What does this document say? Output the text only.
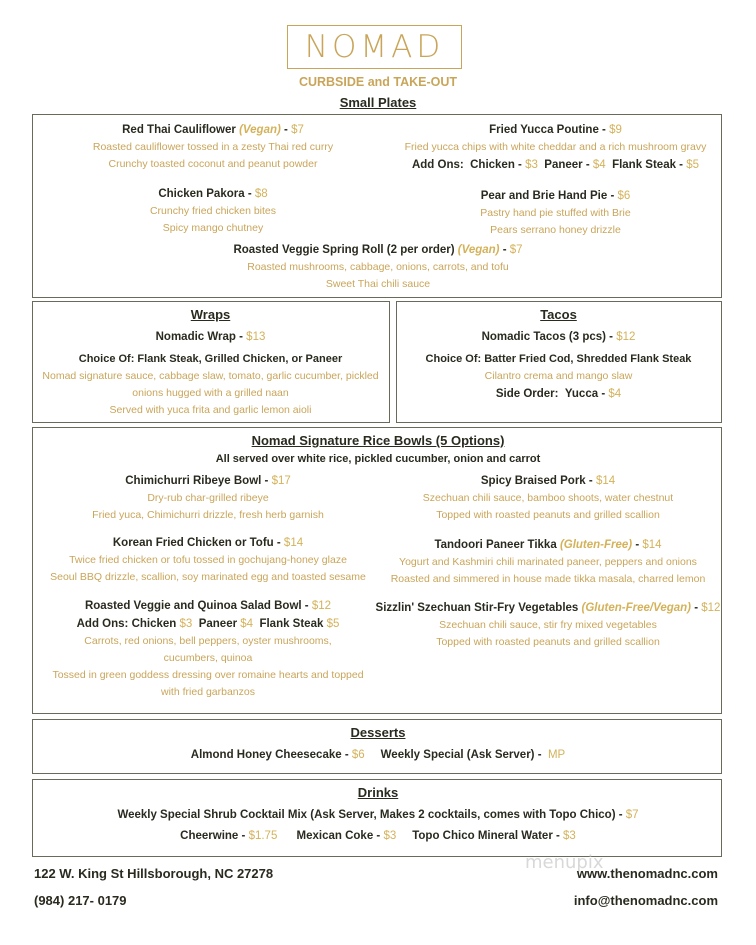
NOMAD
CURBSIDE and TAKE-OUT
Small Plates
Red Thai Cauliflower (Vegan) - $7
Roasted cauliflower tossed in a zesty Thai red curry
Crunchy toasted coconut and peanut powder
Fried Yucca Poutine - $9
Fried yucca chips with white cheddar and a rich mushroom gravy
Add Ons: Chicken - $3 Paneer - $4 Flank Steak - $5
Chicken Pakora - $8
Crunchy fried chicken bites
Spicy mango chutney
Pear and Brie Hand Pie - $6
Pastry hand pie stuffed with Brie
Pears serrano honey drizzle
Roasted Veggie Spring Roll (2 per order) (Vegan) - $7
Roasted mushrooms, cabbage, onions, carrots, and tofu
Sweet Thai chili sauce
Wraps
Nomadic Wrap - $13
Choice Of: Flank Steak, Grilled Chicken, or Paneer
Nomad signature sauce, cabbage slaw, tomato, garlic cucumber, pickled
onions hugged with a grilled naan
Served with yuca frita and garlic lemon aioli
Tacos
Nomadic Tacos (3 pcs) - $12
Choice Of: Batter Fried Cod, Shredded Flank Steak
Cilantro crema and mango slaw
Side Order: Yucca - $4
Nomad Signature Rice Bowls (5 Options)
All served over white rice, pickled cucumber, onion and carrot
Chimichurri Ribeye Bowl - $17
Dry-rub char-grilled ribeye
Fried yuca, Chimichurri drizzle, fresh herb garnish
Spicy Braised Pork - $14
Szechuan chili sauce, bamboo shoots, water chestnut
Topped with roasted peanuts and grilled scallion
Korean Fried Chicken or Tofu - $14
Twice fried chicken or tofu tossed in gochujang-honey glaze
Seoul BBQ drizzle, scallion, soy marinated egg and toasted sesame
Tandoori Paneer Tikka (Gluten-Free) - $14
Yogurt and Kashmiri chili marinated paneer, peppers and onions
Roasted and simmered in house made tikka masala, charred lemon
Roasted Veggie and Quinoa Salad Bowl - $12
Add Ons: Chicken $3 Paneer $4 Flank Steak $5
Carrots, red onions, bell peppers, oyster mushrooms,
cucumbers, quinoa
Tossed in green goddess dressing over romaine hearts and topped
with fried garbanzos
Sizzlin' Szechuan Stir-Fry Vegetables (Gluten-Free/Vegan) - $12
Szechuan chili sauce, stir fry mixed vegetables
Topped with roasted peanuts and grilled scallion
Desserts
Almond Honey Cheesecake - $6 Weekly Special (Ask Server) -  MP
Drinks
Weekly Special Shrub Cocktail Mix (Ask Server, Makes 2 cocktails, comes with Topo Chico) - $7
Cheerwine - $1.75 Mexican Coke - $3 Topo Chico Mineral Water - $3
menupix
122 W. King St Hillsborough, NC 27278
(984) 217- 0179
www.thenomadnc.com
info@thenomadnc.com
